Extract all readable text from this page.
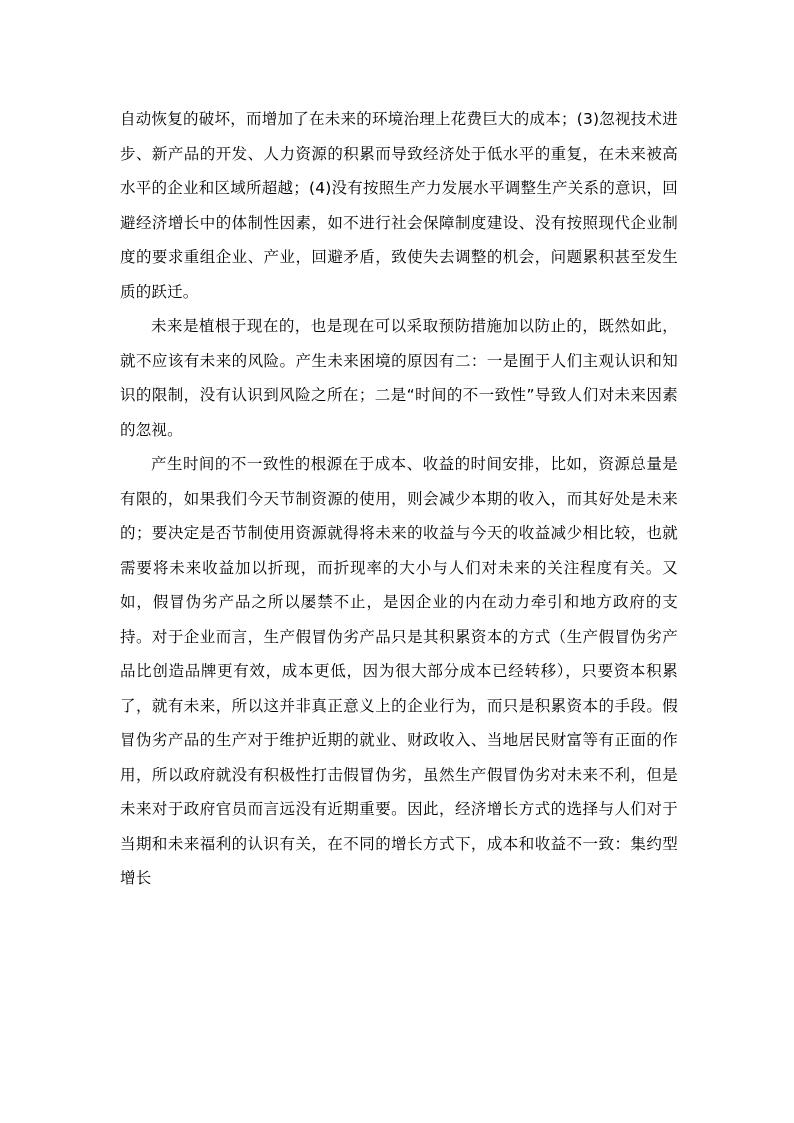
自动恢复的破坏，而增加了在未来的环境治理上花费巨大的成本；(3)忽视技术进步、新产品的开发、人力资源的积累而导致经济处于低水平的重复，在未来被高水平的企业和区域所超越；(4)没有按照生产力发展水平调整生产关系的意识，回避经济增长中的体制性因素，如不进行社会保障制度建设、没有按照现代企业制度的要求重组企业、产业，回避矛盾，致使失去调整的机会，问题累积甚至发生质的跃迁。

未来是植根于现在的，也是现在可以采取预防措施加以防止的，既然如此，就不应该有未来的风险。产生未来困境的原因有二：一是囿于人们主观认识和知识的限制，没有认识到风险之所在；二是“时间的不一致性”导致人们对未来因素的忽视。

产生时间的不一致性的根源在于成本、收益的时间安排，比如，资源总量是有限的，如果我们今天节制资源的使用，则会减少本期的收入，而其好处是未来的；要决定是否节制使用资源就得将未来的收益与今天的收益减少相比较，也就需要将未来收益加以折现，而折现率的大小与人们对未来的关注程度有关。又如，假冒伪劣产品之所以屡禁不止，是因企业的内在动力牵引和地方政府的支持。对于企业而言，生产假冒伪劣产品只是其积累资本的方式（生产假冒伪劣产品比创造品牌更有效，成本更低，因为很大部分成本已经转移），只要资本积累了，就有未来，所以这并非真正意义上的企业行为，而只是积累资本的手段。假冒伪劣产品的生产对于维护近期的就业、财政收入、当地居民财富等有正面的作用，所以政府就没有积极性打击假冒伪劣，虽然生产假冒伪劣对未来不利，但是未来对于政府官员而言远没有近期重要。因此，经济增长方式的选择与人们对于当期和未来福利的认识有关，在不同的增长方式下，成本和收益不一致：集约型增长
